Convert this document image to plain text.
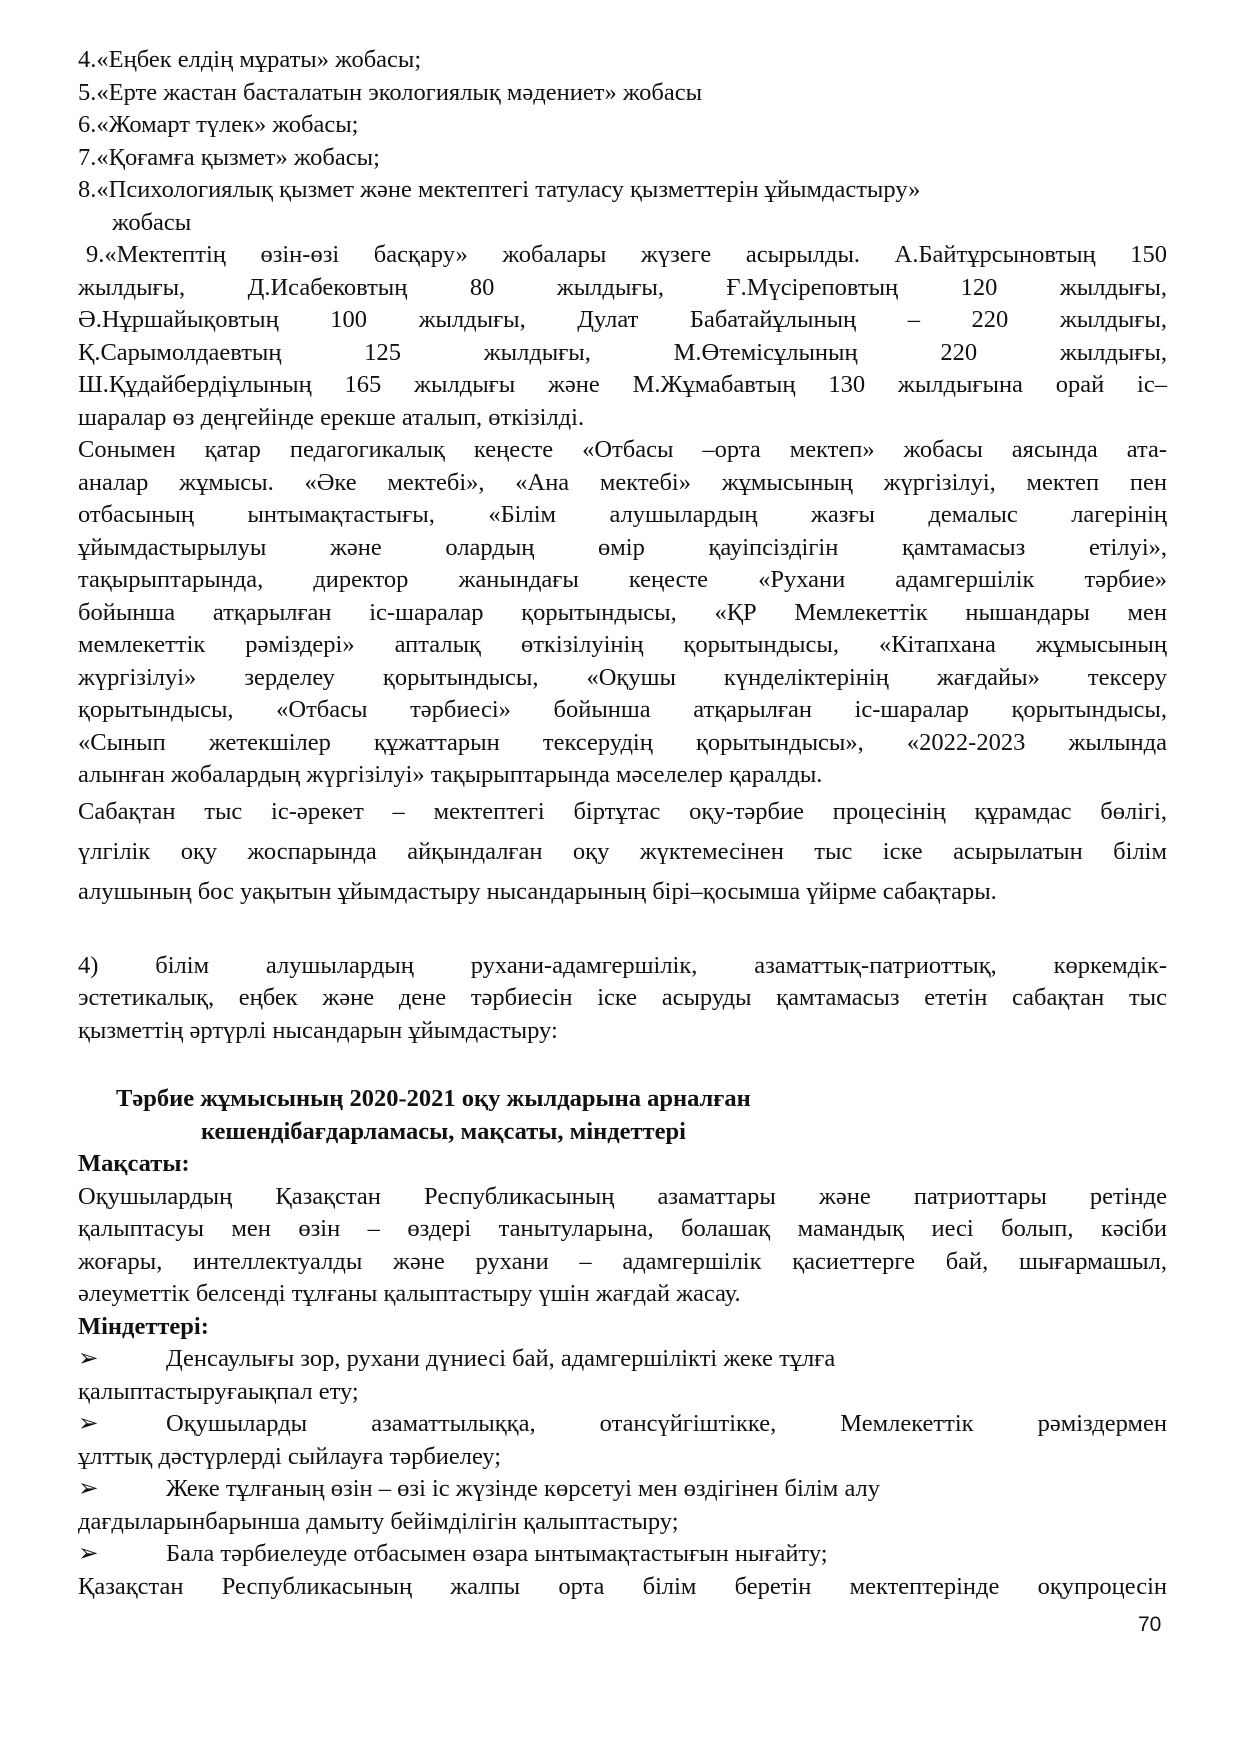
4.«Еңбек елдің мұраты» жобасы;
5.«Ерте жастан басталатын экологиялық мәдениет» жобасы
6.«Жомарт түлек» жобасы;
7.«Қоғамға қызмет» жобасы;
8.«Психологиялық қызмет және мектептегі татуласу қызметтерін ұйымдастыру»
жобасы
9.«Мектептің өзін-өзі басқару» жобалары жүзеге асырылды. А.Байтұрсыновтың 150
жылдығы, Д.Исабековтың 80 жылдығы, Ғ.Мүсіреповтың 120 жылдығы,
Ә.Нұршайықовтың 100 жылдығы, Дулат Бабатайұлының – 220 жылдығы,
Қ.Сарымолдаевтың 125 жылдығы, М.Өтемісұлының 220 жылдығы,
Ш.Құдайбердіұлының 165 жылдығы және М.Жұмабавтың 130 жылдығына орай іс–
шаралар өз деңгейінде ерекше аталып, өткізілді.
Сонымен қатар педагогикалық кеңесте «Отбасы –орта мектеп» жобасы аясында ата-
аналар жұмысы. «Әке мектебі», «Ана мектебі» жұмысының жүргізілуі, мектеп пен
отбасының ынтымақтастығы, «Білім алушылардың жазғы демалыс лагерінің
ұйымдастырылуы және олардың өмір қауіпсіздігін қамтамасыз етілуі»,
тақырыптарында, директор жанындағы кеңесте «Рухани адамгершілік тәрбие»
бойынша атқарылған іс-шаралар қорытындысы, «ҚР Мемлекеттік нышандары мен
мемлекеттік рәміздері» апталық өткізілуінің қорытындысы, «Кітапхана жұмысының
жүргізілуі» зерделеу қорытындысы, «Оқушы күнделіктерінің жағдайы» тексеру
қорытындысы, «Отбасы тәрбиесі» бойынша атқарылған іс-шаралар қорытындысы,
«Сынып жетекшілер құжаттарын тексерудің қорытындысы», «2022-2023 жылында
алынған жобалардың жүргізілуі» тақырыптарында мәселелер қаралды.
Сабақтан тыс іс-әрекет – мектептегі біртұтас оқу-тәрбие процесінің құрамдас бөлігі,
үлгілік оқу жоспарында айқындалған оқу жүктемесінен тыс іске асырылатын білім
алушының бос уақытын ұйымдастыру нысандарының бірі–қосымша үйірме сабақтары.
4) білім алушылардың рухани-адамгершілік, азаматтық-патриоттық, көркемдік-
эстетикалық, еңбек және дене тәрбиесін іске асыруды қамтамасыз ететін сабақтан тыс
қызметтің әртүрлі нысандарын ұйымдастыру:
Тәрбие жұмысының 2020-2021 оқу жылдарына арналған
кешендібағдарламасы, мақсаты, міндеттері
Мақсаты:
Оқушылардың Қазақстан Республикасының азаматтары және патриоттары ретінде
қалыптасуы мен өзін – өздері танытуларына, болашақ мамандық иесі болып, кәсіби
жоғары, интеллектуалды және рухани – адамгершілік қасиеттерге бай, шығармашыл,
әлеуметтік белсенді тұлғаны қалыптастыру үшін жағдай жасау.
Міндеттері:
➢	Денсаулығы зор, рухани дүниесі бай, адамгершілікті жеке тұлға
қалыптастыруғаықпал ету;
➢	Оқушыларды азаматтылыққа, отансүйгіштікке, Мемлекеттік рәміздермен
ұлттық дәстүрлерді сыйлауға тәрбиелеу;
➢	Жеке тұлғаның өзін – өзі іс жүзінде көрсетуі мен өздігінен білім алу
дағдыларынбарынша дамыту бейімділігін қалыптастыру;
➢	Бала тәрбиелеуде отбасымен өзара ынтымақтастығын нығайту;
Қазақстан Республикасының жалпы орта білім беретін мектептерінде оқупроцесін
70
